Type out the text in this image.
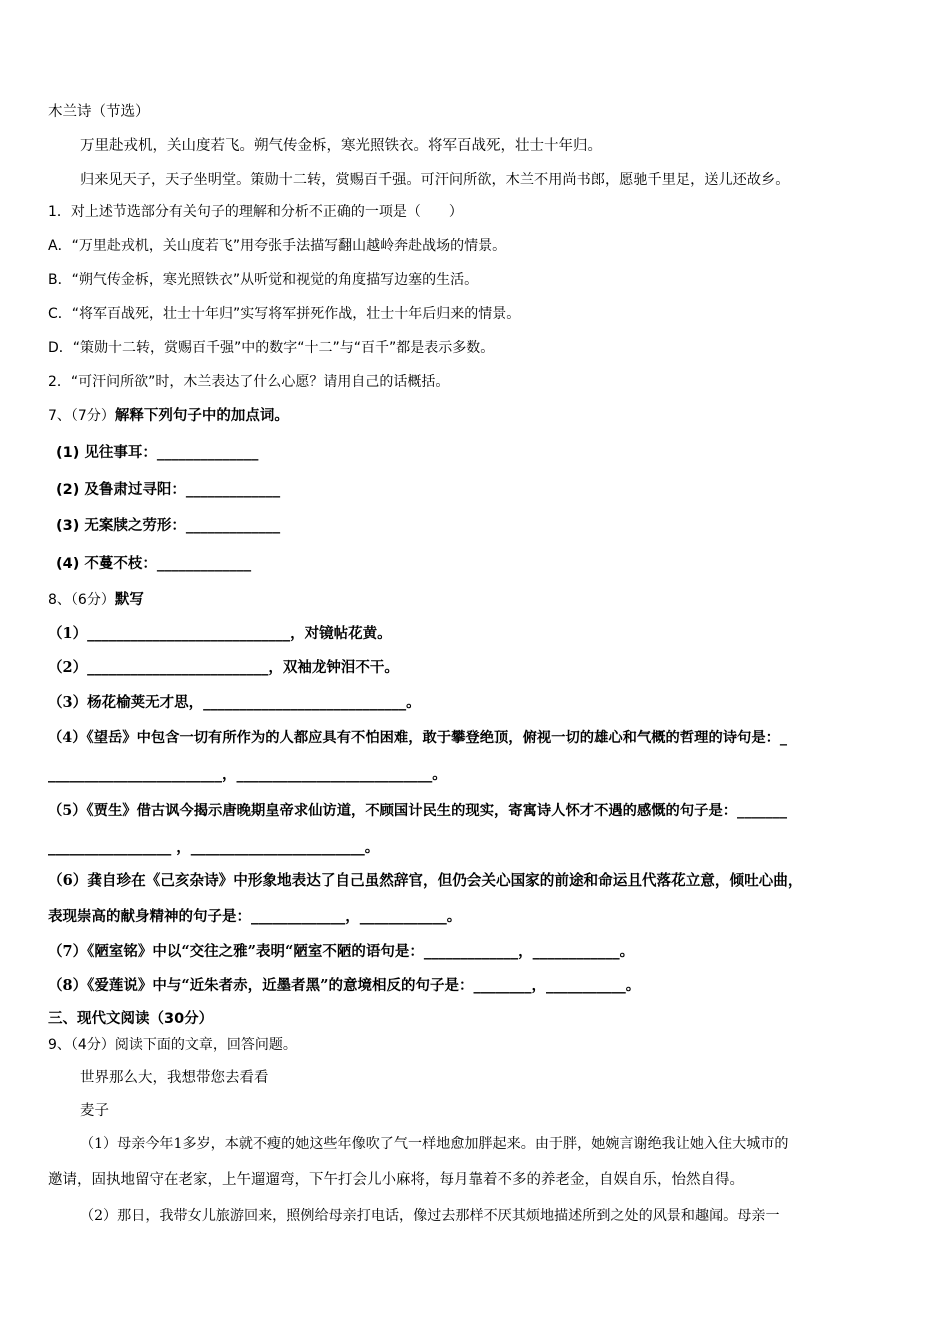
木兰诗（节选）
万里赴戎机，关山度若飞。朔气传金柝，寒光照铁衣。将军百战死，壮士十年归。
归来见天子，天子坐明堂。策勋十二转，赏赐百千强。可汗问所欲，木兰不用尚书郎，愿驰千里足，送儿还故乡。
1．对上述节选部分有关句子的理解和分析不正确的一项是（　　）
A．“万里赴戎机，关山度若飞”用夸张手法描写翻山越岭奔赴战场的情景。
B．“朔气传金柝，寒光照铁衣”从听觉和视觉的角度描写边塞的生活。
C．“将军百战死，壮士十年归”实写将军拼死作战，壮士十年后归来的情景。
D．“策勋十二转，赏赐百千强”中的数字“十二”与“百千”都是表示多数。
2．“可汗问所欲”时，木兰表达了什么心愿？请用自己的话概括。
7、（7分）解释下列句子中的加点词。
(1) 见往事耳：______________
(2) 及鲁肃过寻阳：_____________
(3) 无案牍之劳形：_____________
(4) 不蔓不枝：_____________
8、（6分）默写
（1）____________________________，对镜帖花黄。
（2）_________________________，双袖龙钟泪不干。
（3）杨花榆荚无才思，____________________________。
（4）《望岳》中包含一切有所作为的人都应具有不怕困难，敢于攀登绝顶，俯视一切的雄心和气概的哲理的诗句是：_
________________________，___________________________。
（5）《贾生》借古讽今揭示唐晚期皇帝求仙访道，不顾国计民生的现实，寄寓诗人怀才不遇的感慨的句子是：_______
_________________ ，________________________。
（6）龚自珍在《己亥杂诗》中形象地表达了自己虽然辞官，但仍会关心国家的前途和命运且代落花立意，倾吐心曲，
表现崇高的献身精神的句子是：_____________，____________。
（7）《陋室铭》中以“交往之雅”表明“陋室不陋的语句是：_____________，____________。
（8）《爱莲说》中与“近朱者赤，近墨者黑”的意境相反的句子是：________，___________。
三、现代文阅读（30分）
9、（4分）阅读下面的文章，回答问题。
世界那么大，我想带您去看看
麦子
（1）母亲今年1多岁，本就不瘦的她这些年像吹了气一样地愈加胖起来。由于胖，她婉言谢绝我让她入住大城市的
邀请，固执地留守在老家，上午遛遛弯，下午打会儿小麻将，每月靠着不多的养老金，自娱自乐，怡然自得。
（2）那日，我带女儿旅游回来，照例给母亲打电话，像过去那样不厌其烦地描述所到之处的风景和趣闻。母亲一
